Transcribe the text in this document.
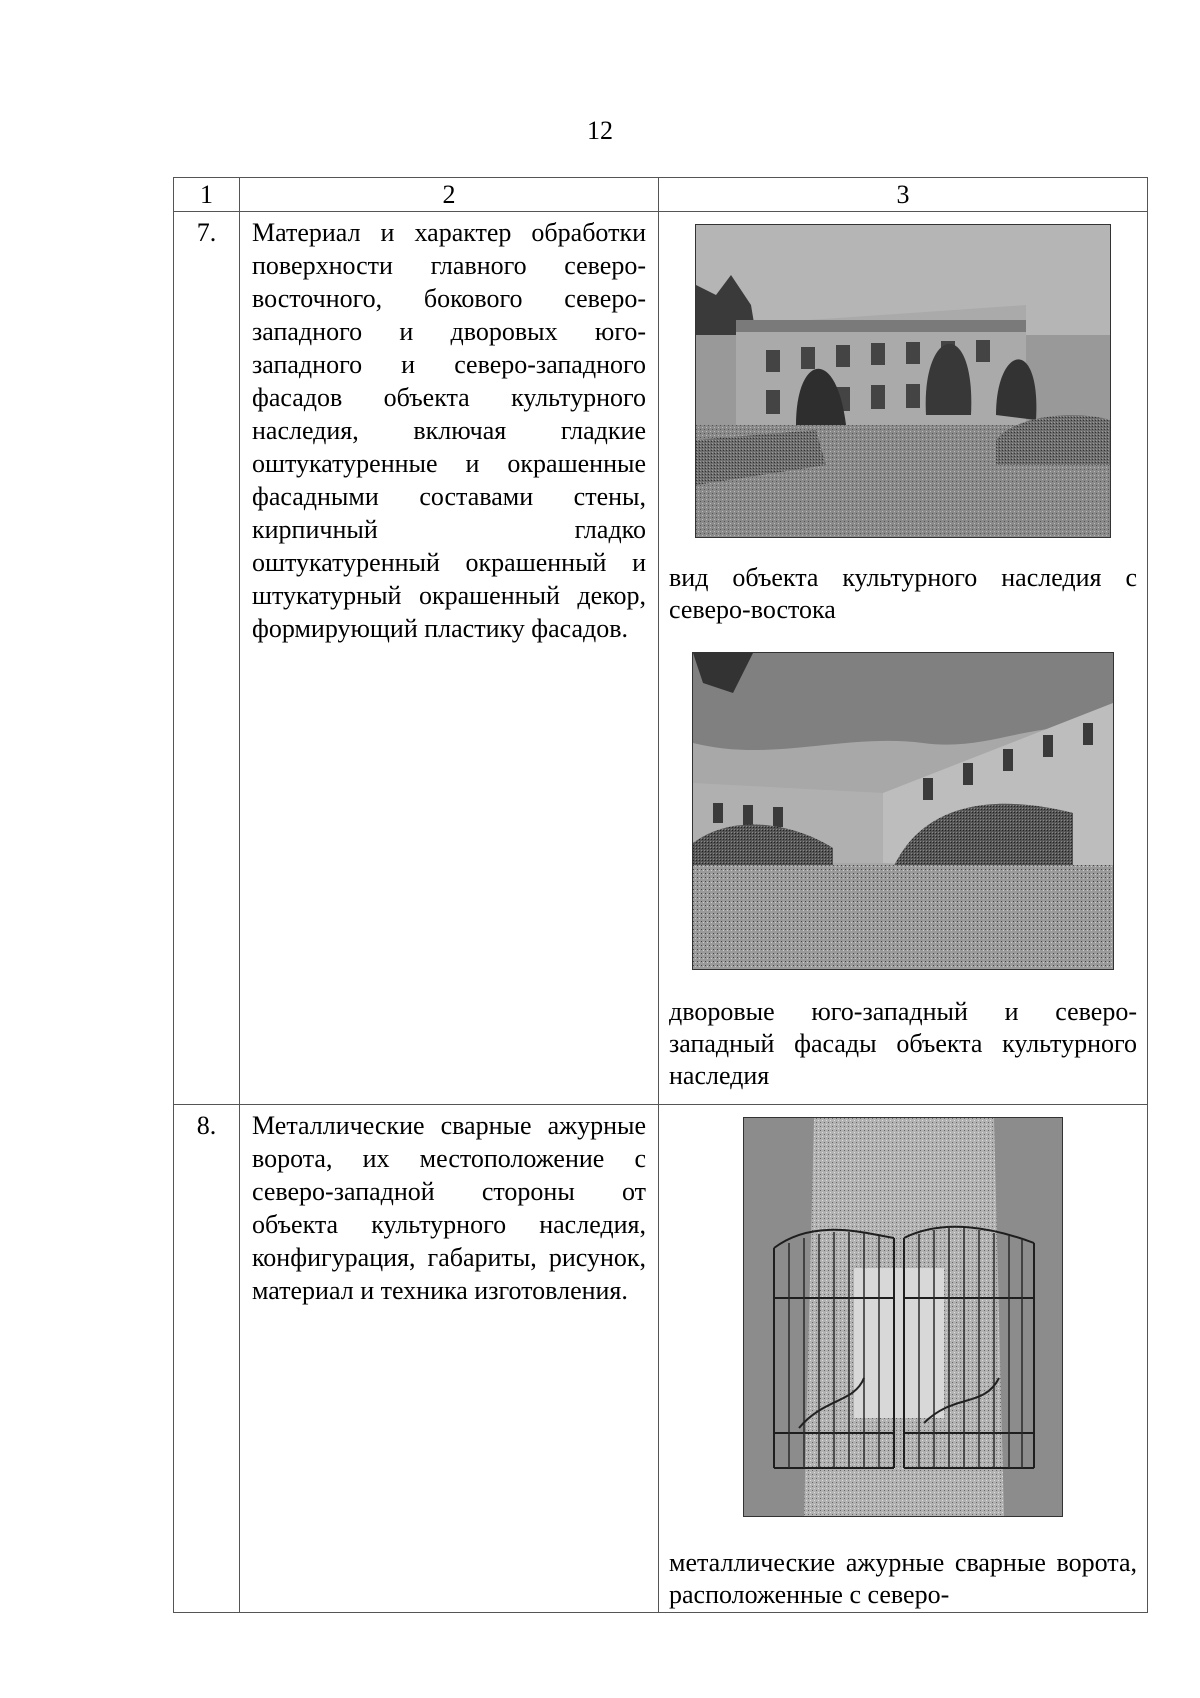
12
1	2	3
7.	Материал и характер обработки поверхности главного северо-восточного, бокового северо-западного и дворовых юго-западного и северо-западного фасадов объекта культурного наследия, включая гладкие оштукатуренные и окрашенные фасадными составами стены, кирпичный гладко оштукатуренный окрашенный и штукатурный окрашенный декор, формирующий пластику фасадов.	вид объекта культурного наследия с северо-востока
дворовые юго-западный и северо-западный фасады объекта культурного наследия

8.	Металлические сварные ажурные ворота, их местоположение с северо-западной стороны от объекта культурного наследия, конфигурация, габариты, рисунок, материал и техника изготовления.	металлические ажурные сварные ворота, расположенные с северо-
